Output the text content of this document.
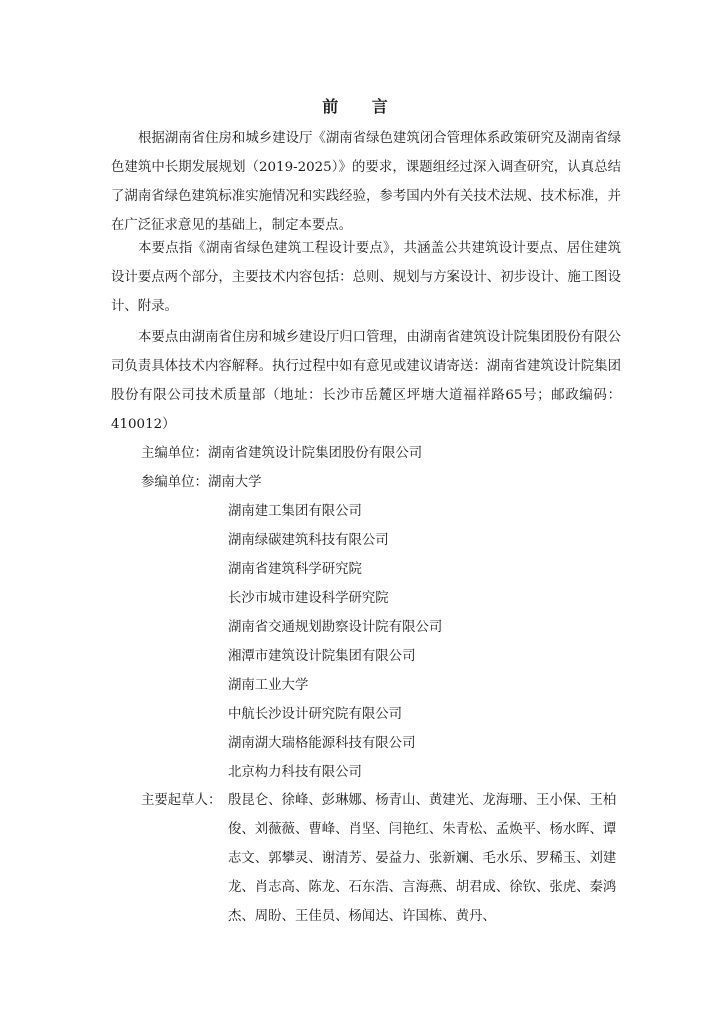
前 言

根据湖南省住房和城乡建设厅《湖南省绿色建筑闭合管理体系政策研究及湖南省绿色建筑中长期发展规划（2019-2025）》的要求，课题组经过深入调查研究，认真总结了湖南省绿色建筑标准实施情况和实践经验，参考国内外有关技术法规、技术标准，并在广泛征求意见的基础上，制定本要点。

本要点指《湖南省绿色建筑工程设计要点》，共涵盖公共建筑设计要点、居住建筑设计要点两个部分，主要技术内容包括：总则、规划与方案设计、初步设计、施工图设计、附录。

本要点由湖南省住房和城乡建设厅归口管理，由湖南省建筑设计院集团股份有限公司负责具体技术内容解释。执行过程中如有意见或建议请寄送：湖南省建筑设计院集团股份有限公司技术质量部（地址：长沙市岳麓区坪塘大道福祥路65号；邮政编码：410012）

主编单位：湖南省建筑设计院集团股份有限公司
参编单位：湖南大学
湖南建工集团有限公司
湖南绿碳建筑科技有限公司
湖南省建筑科学研究院
长沙市城市建设科学研究院
湖南省交通规划勘察设计院有限公司
湘潭市建筑设计院集团有限公司
湖南工业大学
中航长沙设计研究院有限公司
湖南湖大瑞格能源科技有限公司
北京构力科技有限公司
主要起草人： 殷昆仑、徐峰、彭琳娜、杨青山、黄建光、龙海珊、王小保、王柏俊、刘薇薇、曹峰、肖坚、闫艳红、朱青松、孟焕平、杨水晖、谭志文、郭攀灵、谢清芳、晏益力、张新斓、毛水乐、罗稀玉、刘建龙、肖志高、陈龙、石东浩、言海燕、胡君成、徐钦、张虎、秦鸿杰、周盼、王佳员、杨闻达、许国栋、黄丹、
